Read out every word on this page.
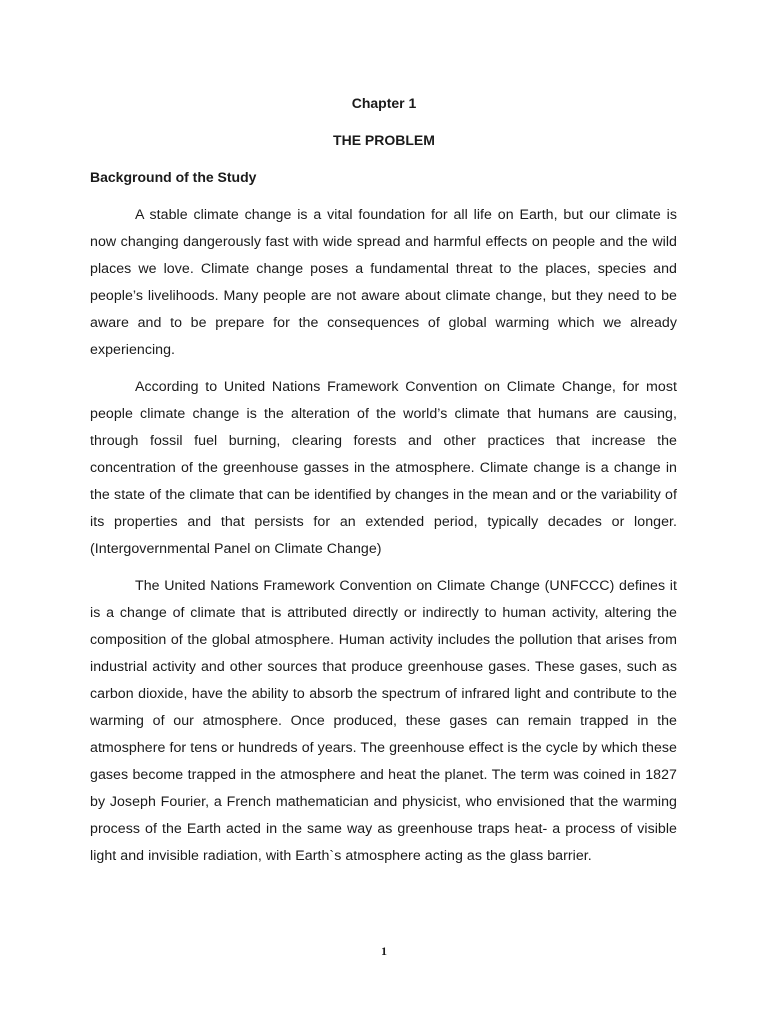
Chapter 1
THE PROBLEM
Background of the Study

A stable climate change is a vital foundation for all life on Earth, but our climate is now changing dangerously fast with wide spread and harmful effects on people and the wild places we love. Climate change poses a fundamental threat to the places, species and people’s livelihoods. Many people are not aware about climate change, but they need to be aware and to be prepare for the consequences of global warming which we already experiencing.

According to United Nations Framework Convention on Climate Change, for most people climate change is the alteration of the world’s climate that humans are causing, through fossil fuel burning, clearing forests and other practices that increase the concentration of the greenhouse gasses in the atmosphere. Climate change is a change in the state of the climate that can be identified by changes in the mean and or the variability of its properties and that persists for an extended period, typically decades or longer. (Intergovernmental Panel on Climate Change)

The United Nations Framework Convention on Climate Change (UNFCCC) defines it is a change of climate that is attributed directly or indirectly to human activity, altering the composition of the global atmosphere. Human activity includes the pollution that arises from industrial activity and other sources that produce greenhouse gases. These gases, such as carbon dioxide, have the ability to absorb the spectrum of infrared light and contribute to the warming of our atmosphere. Once produced, these gases can remain trapped in the atmosphere for tens or hundreds of years. The greenhouse effect is the cycle by which these gases become trapped in the atmosphere and heat the planet. The term was coined in 1827 by Joseph Fourier, a French mathematician and physicist, who envisioned that the warming process of the Earth acted in the same way as greenhouse traps heat- a process of visible light and invisible radiation, with Earth`s atmosphere acting as the glass barrier.

1
